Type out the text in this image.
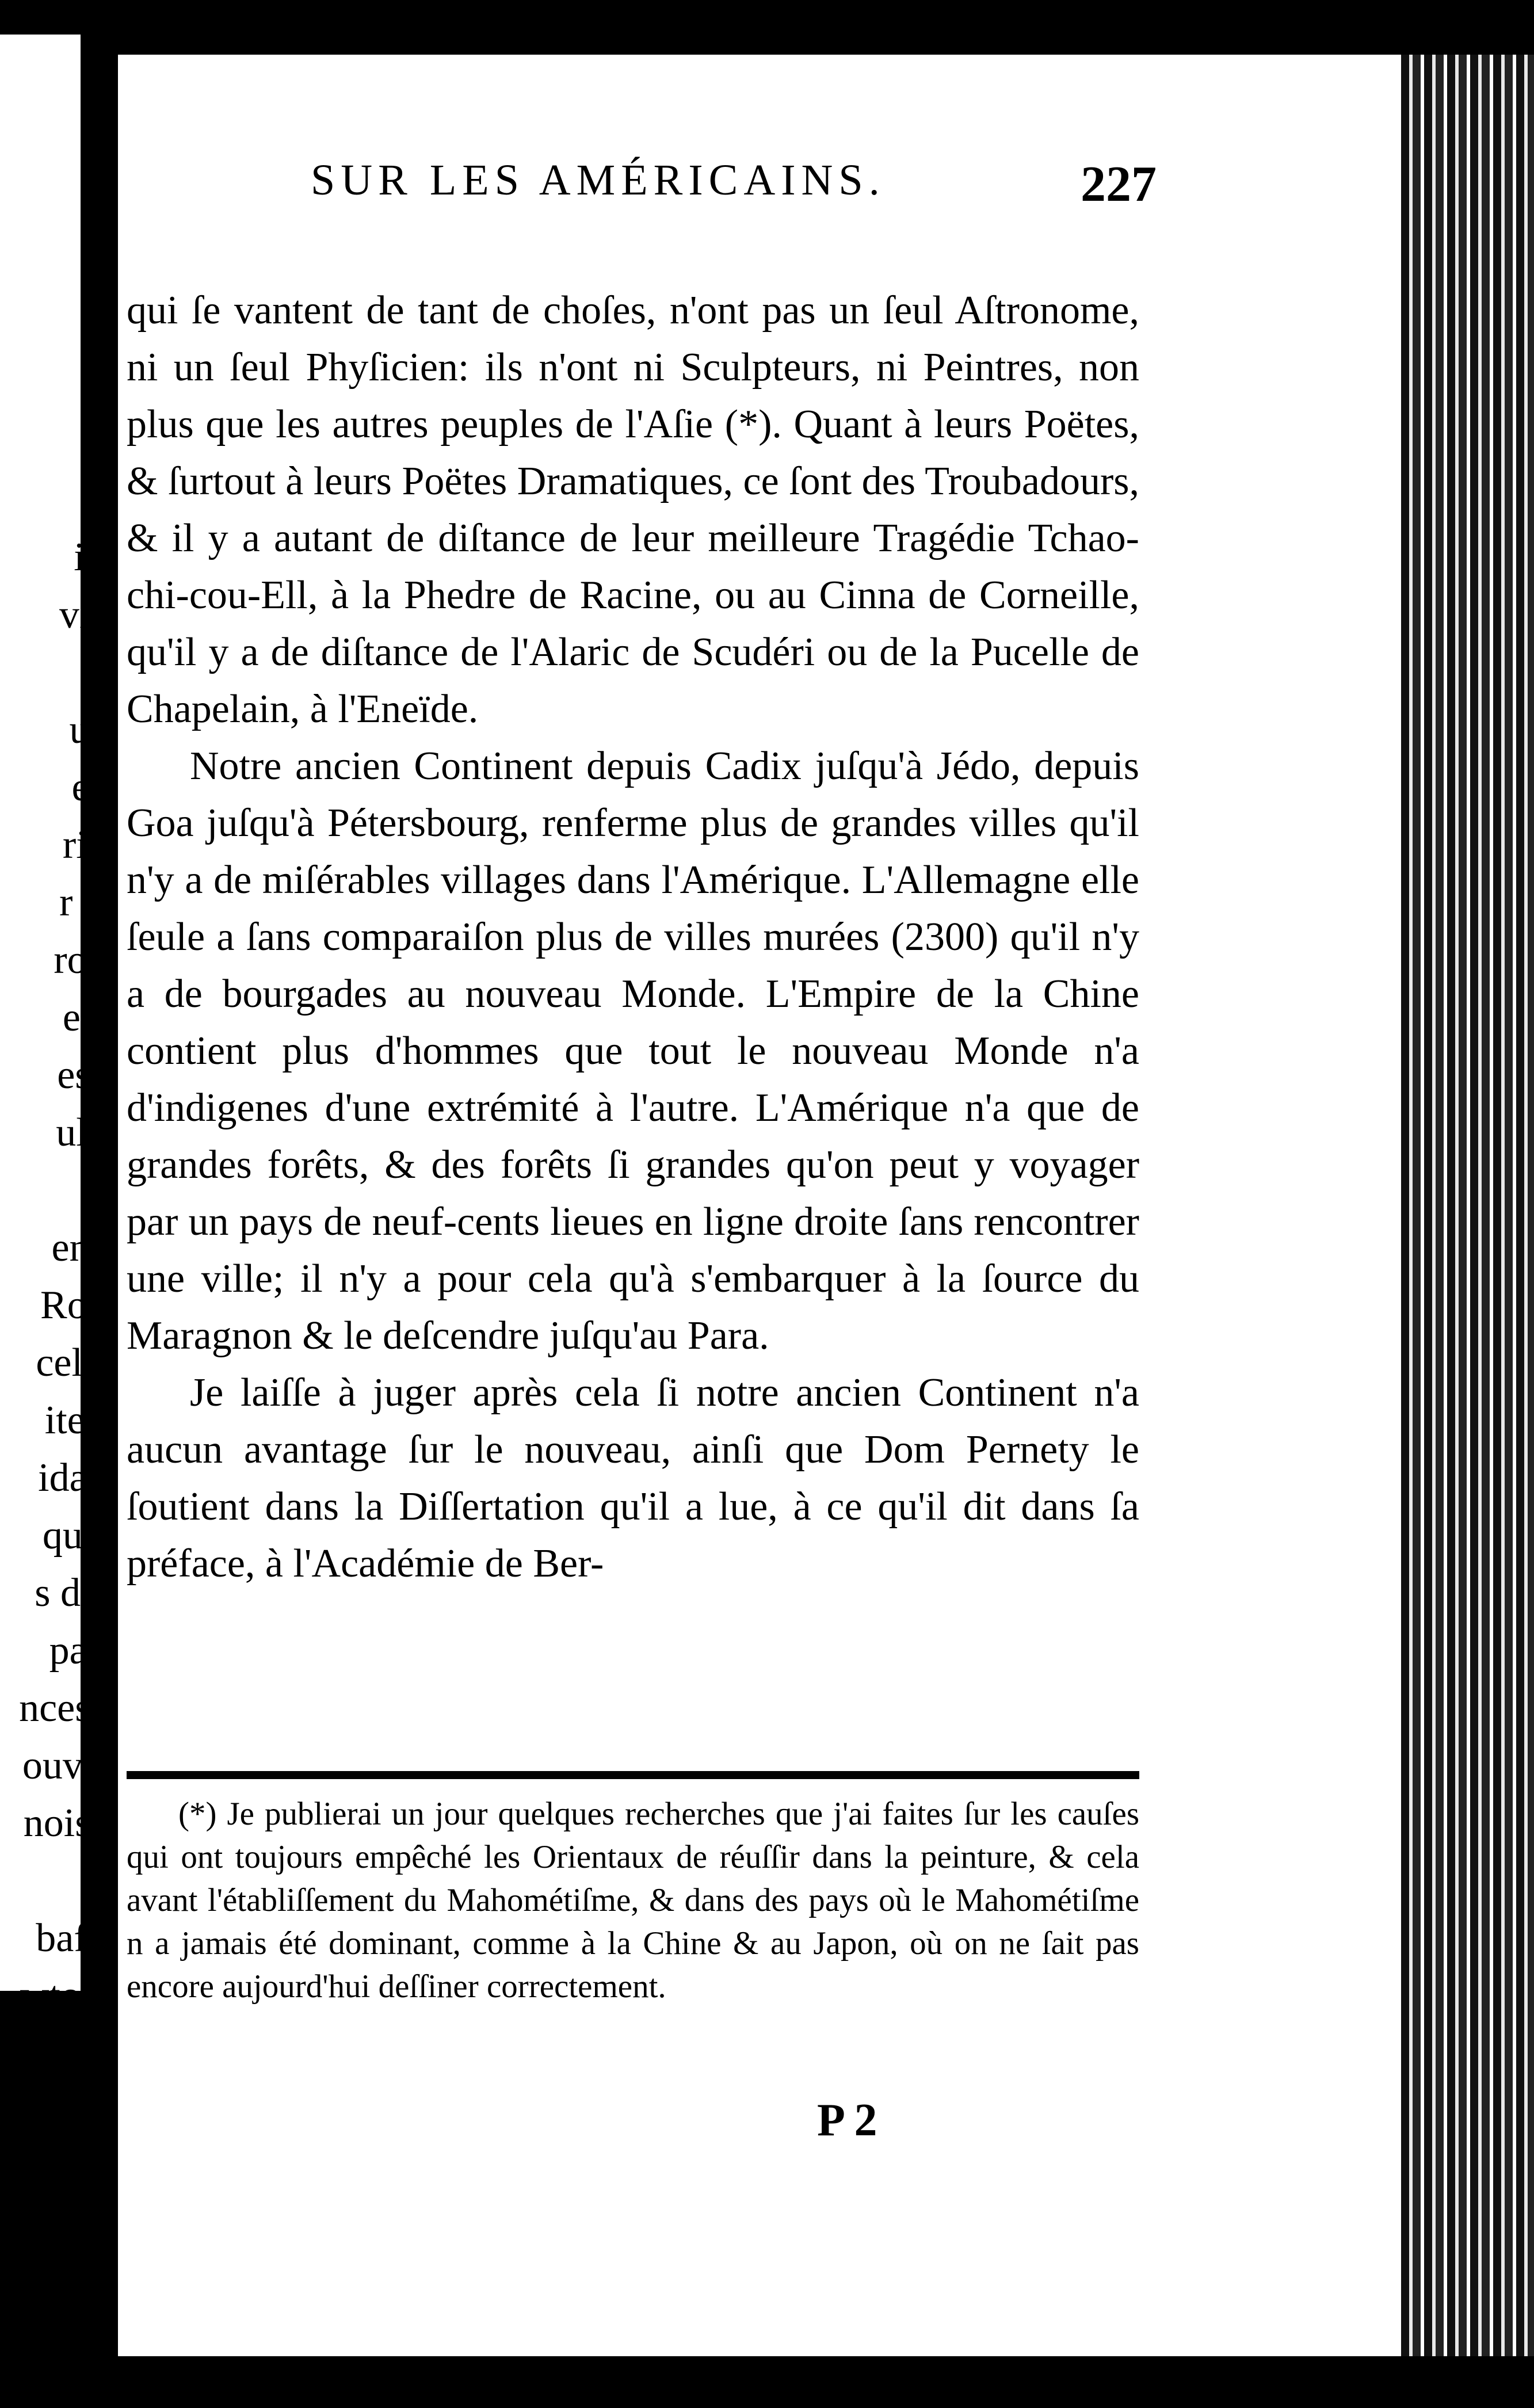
r
p
u
e
is
vi.
ui
e:
ri-
r à
ro-
en
es,
ul-
ent
Ro-
cela
ites
ida-
que
s du
par
nces.
ouve
nois,
baf-
wton
SUR LES AMÉRICAINS.	227

qui ſe vantent de tant de choſes, n'ont pas un ſeul Aſtronome, ni un ſeul Phyſicien: ils n'ont ni Sculpteurs, ni Peintres, non plus que les autres peuples de l'Aſie (*). Quant à leurs Poëtes, & ſurtout à leurs Poëtes Dramatiques, ce ſont des Troubadours, & il y a autant de diſtance de leur meilleure Tragédie Tchao-chi-cou-Ell, à la Phedre de Racine, ou au Cinna de Corneille, qu'il y a de diſtance de l'Alaric de Scudéri ou de la Pucelle de Chapelain, à l'Eneïde.

Notre ancien Continent depuis Cadix juſqu'à Jédo, depuis Goa juſqu'à Pétersbourg, renferme plus de grandes villes qu'il n'y a de miſérables villages dans l'Amérique. L'Allemagne elle ſeule a ſans comparaiſon plus de villes murées (2300) qu'il n'y a de bourgades au nouveau Monde. L'Empire de la Chine contient plus d'hommes que tout le nouveau Monde n'a d'indigenes d'une extrémité à l'autre. L'Amérique n'a que de grandes forêts, & des forêts ſi grandes qu'on peut y voyager par un pays de neuf-cents lieues en ligne droite ſans rencontrer une ville; il n'y a pour cela qu'à s'embarquer à la ſource du Maragnon & le deſcendre juſqu'au Para.

Je laiſſe à juger après cela ſi notre ancien Continent n'a aucun avantage ſur le nouveau, ainſi que Dom Pernety le ſoutient dans la Diſſertation qu'il a lue, à ce qu'il dit dans ſa préface, à l'Académie de Ber-

(*) Je publierai un jour quelques recherches que j'ai faites ſur les cauſes qui ont toujours empêché les Orientaux de réuſſir dans la peinture, & cela avant l'établiſſement du Mahométiſme, & dans des pays où le Mahométiſme n a jamais été dominant, comme à la Chine & au Japon, où on ne ſait pas encore aujourd'hui deſſiner correctement.
P 2
